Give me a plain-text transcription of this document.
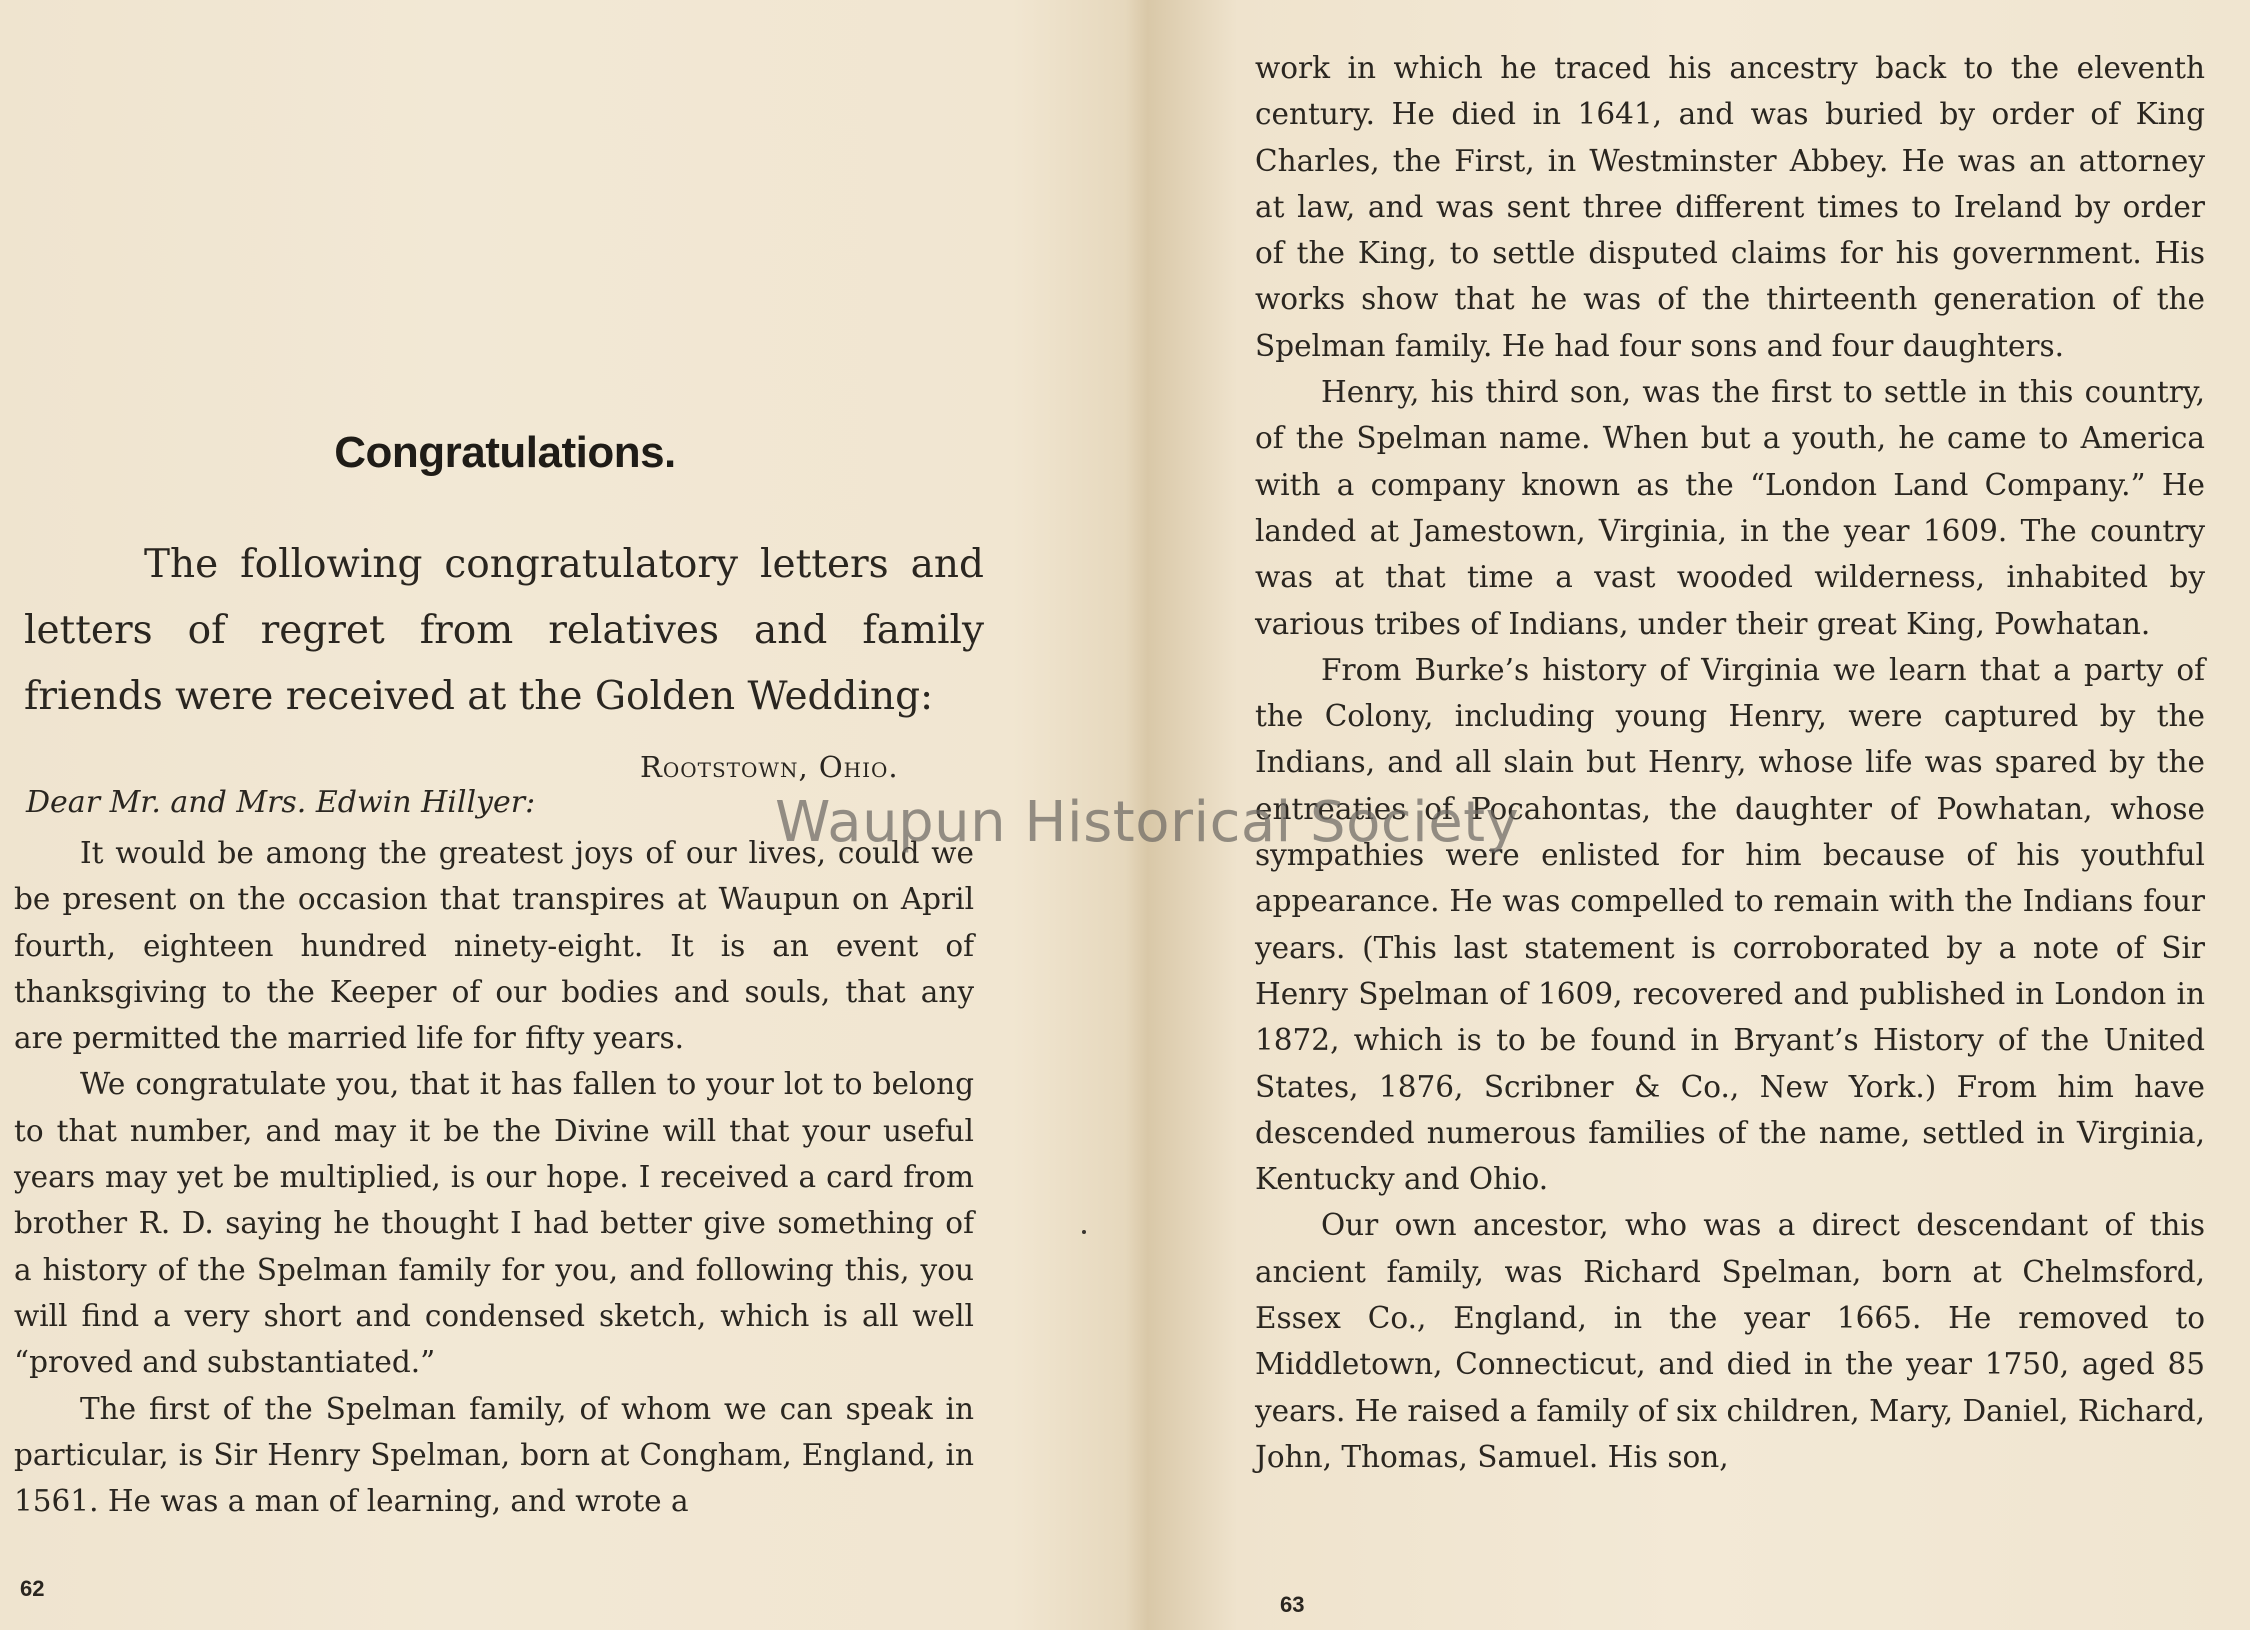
Congratulations.

The following congratulatory letters and letters of regret from relatives and family friends were received at the Golden Wedding:

Rootstown, Ohio.
Dear Mr. and Mrs. Edwin Hillyer:

It would be among the greatest joys of our lives, could we be present on the occasion that transpires at Waupun on April fourth, eighteen hundred ninety-eight. It is an event of thanksgiving to the Keeper of our bodies and souls, that any are permitted the married life for fifty years.

We congratulate you, that it has fallen to your lot to belong to that number, and may it be the Divine will that your useful years may yet be multiplied, is our hope. I received a card from brother R. D. saying he thought I had better give something of a history of the Spelman family for you, and following this, you will find a very short and condensed sketch, which is all well “proved and substantiated.”

The first of the Spelman family, of whom we can speak in particular, is Sir Henry Spelman, born at Congham, England, in 1561. He was a man of learning, and wrote a

62

work in which he traced his ancestry back to the eleventh century. He died in 1641, and was buried by order of King Charles, the First, in Westminster Abbey. He was an attorney at law, and was sent three different times to Ireland by order of the King, to settle disputed claims for his government. His works show that he was of the thirteenth generation of the Spelman family. He had four sons and four daughters.

Henry, his third son, was the first to settle in this country, of the Spelman name. When but a youth, he came to America with a company known as the “London Land Company.” He landed at Jamestown, Virginia, in the year 1609. The country was at that time a vast wooded wilderness, inhabited by various tribes of Indians, under their great King, Powhatan.

From Burke’s history of Virginia we learn that a party of the Colony, including young Henry, were captured by the Indians, and all slain but Henry, whose life was spared by the entreaties of Pocahontas, the daughter of Powhatan, whose sympathies were enlisted for him because of his youthful appearance. He was compelled to remain with the Indians four years. (This last statement is corroborated by a note of Sir Henry Spelman of 1609, recovered and published in London in 1872, which is to be found in Bryant’s History of the United States, 1876, Scribner & Co., New York.) From him have descended numerous families of the name, settled in Virginia, Kentucky and Ohio.

Our own ancestor, who was a direct descendant of this ancient family, was Richard Spelman, born at Chelmsford, Essex Co., England, in the year 1665. He removed to Middletown, Connecticut, and died in the year 1750, aged 85 years. He raised a family of six children, Mary, Daniel, Richard, John, Thomas, Samuel. His son,

63
Waupun Historical Society
